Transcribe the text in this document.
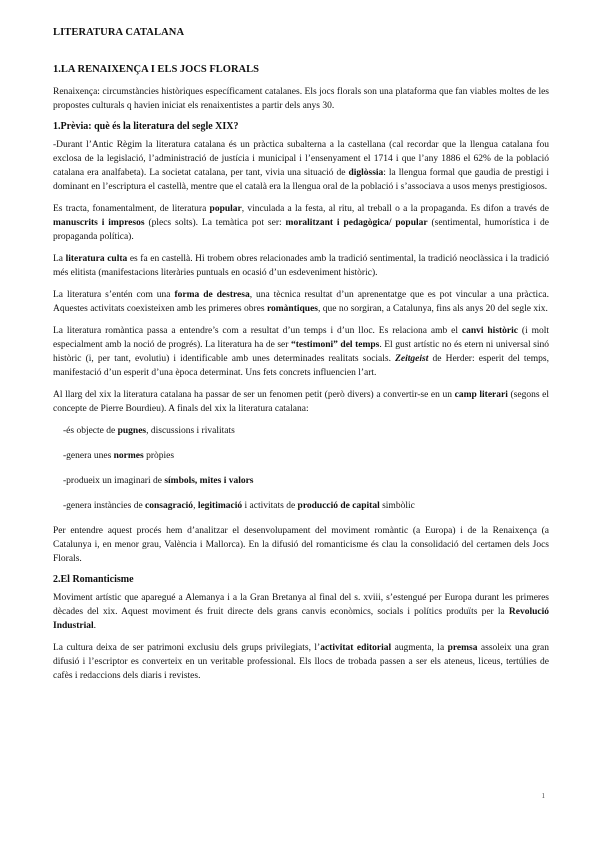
LITERATURA CATALANA
1.LA RENAIXENÇA I ELS JOCS FLORALS

Renaixença: circumstàncies històriques específicament catalanes. Els jocs florals son una plataforma que fan viables moltes de les propostes culturals q havien iniciat els renaixentistes a partir dels anys 30.

1.Prèvia: què és la literatura del segle XIX?

-Durant l’Antic Règim la literatura catalana és un pràctica subalterna a la castellana (cal recordar que la llengua catalana fou exclosa de la legislació, l’administració de justícia i municipal i l’ensenyament el 1714 i que l’any 1886 el 62% de la població catalana era analfabeta). La societat catalana, per tant, vivia una situació de diglòssia: la llengua formal que gaudia de prestigi i dominant en l’escriptura el castellà, mentre que el català era la llengua oral de la població i s’associava a usos menys prestigiosos.

Es tracta, fonamentalment, de literatura popular, vinculada a la festa, al ritu, al treball o a la propaganda. Es difon a través de manuscrits i impresos (plecs solts). La temàtica pot ser: moralitzant i pedagògica/ popular (sentimental, humorística i de propaganda política).

La literatura culta es fa en castellà. Hi trobem obres relacionades amb la tradició sentimental, la tradició neoclàssica i la tradició més elitista (manifestacions literàries puntuals en ocasió d’un esdeveniment històric).

La literatura s’entén com una forma de destresa, una tècnica resultat d’un aprenentatge que es pot vincular a una pràctica. Aquestes activitats coexisteixen amb les primeres obres romàntiques, que no sorgiran, a Catalunya, fins als anys 20 del segle xix.

La literatura romàntica passa a entendre’s com a resultat d’un temps i d’un lloc. Es relaciona amb el canvi històric (i molt especialment amb la noció de progrés). La literatura ha de ser “testimoni” del temps. El gust artístic no és etern ni universal sinó històric (i, per tant, evolutiu) i identificable amb unes determinades realitats socials. Zeitgeist de Herder: esperit del temps, manifestació d’un esperit d’una època determinat. Uns fets concrets influencien l’art.

Al llarg del xix la literatura catalana ha passar de ser un fenomen petit (però divers) a convertir-se en un camp literari (segons el concepte de Pierre Bourdieu). A finals del xix la literatura catalana:

-és objecte de pugnes, discussions i rivalitats
-genera unes normes pròpies
-produeix un imaginari de símbols, mites i valors
-genera instàncies de consagració, legitimació i activitats de producció de capital simbòlic

Per entendre aquest procés hem d’analitzar el desenvolupament del moviment romàntic (a Europa) i de la Renaixença (a Catalunya i, en menor grau, València i Mallorca). En la difusió del romanticisme és clau la consolidació del certamen dels Jocs Florals.

2.El Romanticisme

Moviment artístic que aparegué a Alemanya i a la Gran Bretanya al final del s. xviii, s’estengué per Europa durant les primeres dècades del xix. Aquest moviment és fruit directe dels grans canvis econòmics, socials i polítics produïts per la Revolució Industrial.

La cultura deixa de ser patrimoni exclusiu dels grups privilegiats, l’activitat editorial augmenta, la premsa assoleix una gran difusió i l’escriptor es converteix en un veritable professional. Els llocs de trobada passen a ser els ateneus, liceus, tertúlies de cafès i redaccions dels diaris i revistes.

1
